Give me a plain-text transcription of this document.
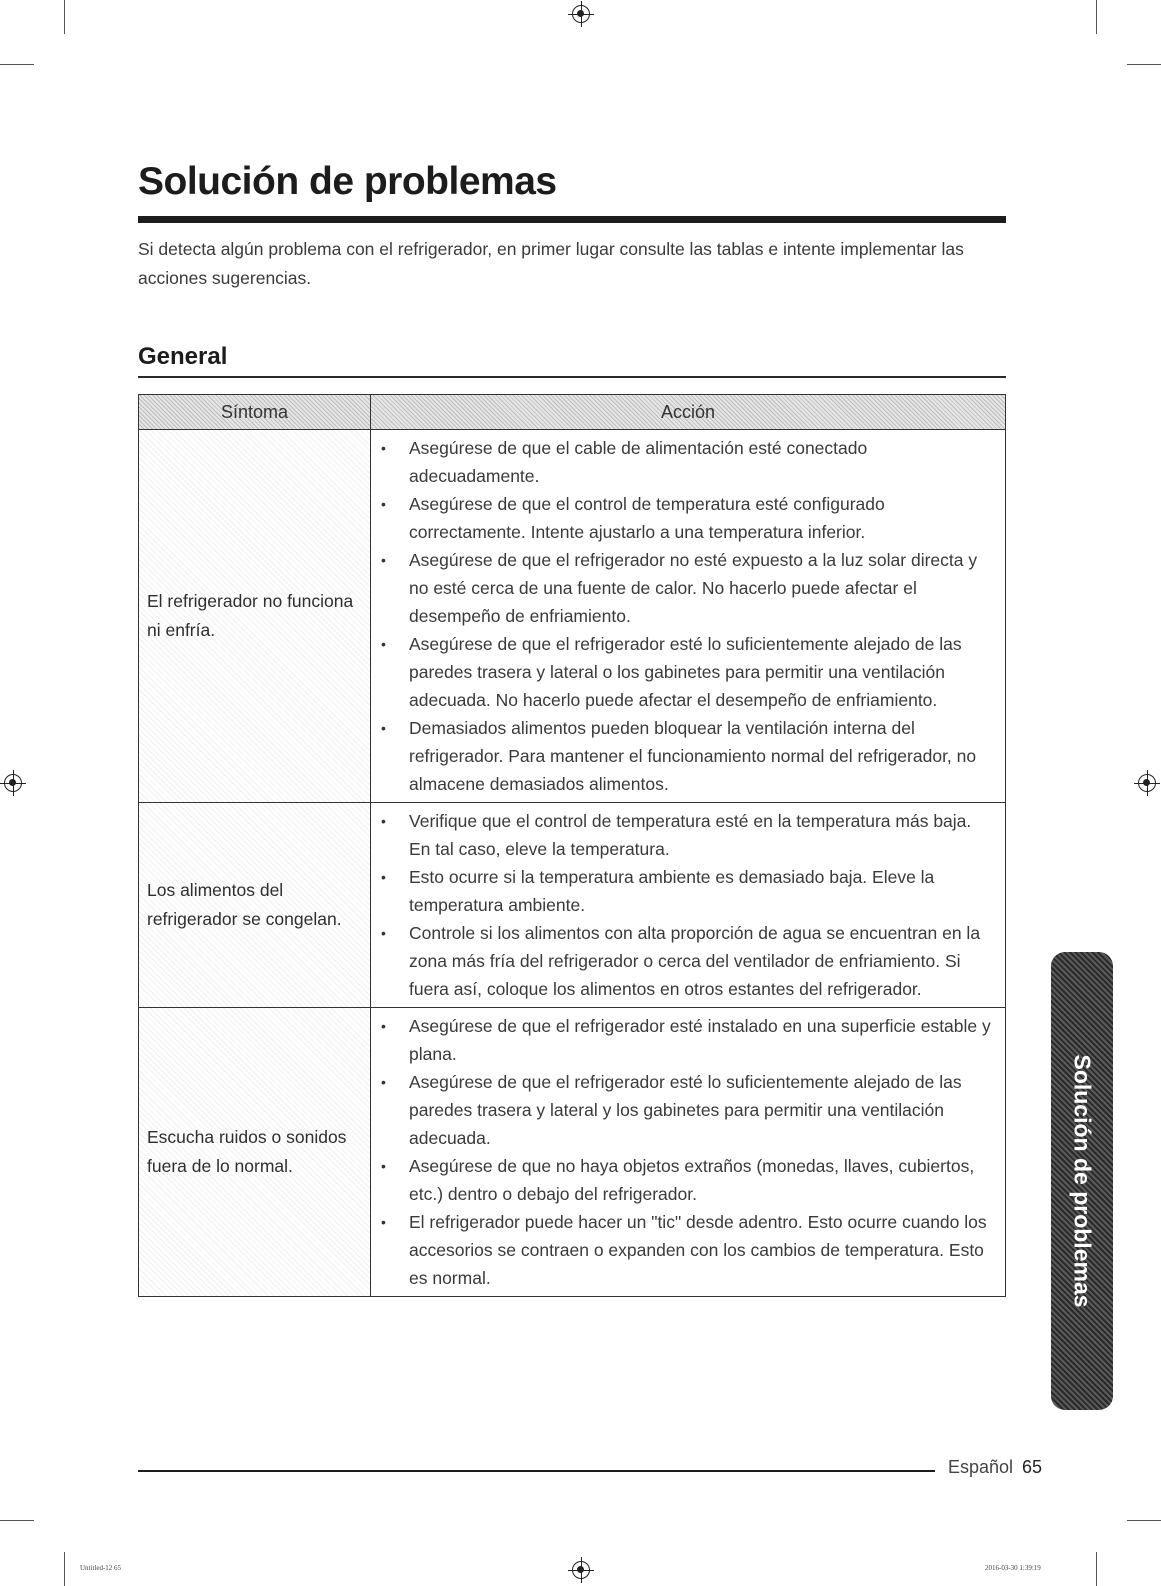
Solución de problemas

Si detecta algún problema con el refrigerador, en primer lugar consulte las tablas e intente implementar las acciones sugerencias.

General
Síntoma	Acción
El refrigerador no funciona ni enfría.
• Asegúrese de que el cable de alimentación esté conectado adecuadamente.
• Asegúrese de que el control de temperatura esté configurado correctamente. Intente ajustarlo a una temperatura inferior.
• Asegúrese de que el refrigerador no esté expuesto a la luz solar directa y no esté cerca de una fuente de calor. No hacerlo puede afectar el desempeño de enfriamiento.
• Asegúrese de que el refrigerador esté lo suficientemente alejado de las paredes trasera y lateral o los gabinetes para permitir una ventilación adecuada. No hacerlo puede afectar el desempeño de enfriamiento.
• Demasiados alimentos pueden bloquear la ventilación interna del refrigerador. Para mantener el funcionamiento normal del refrigerador, no almacene demasiados alimentos.
Los alimentos del refrigerador se congelan.
• Verifique que el control de temperatura esté en la temperatura más baja. En tal caso, eleve la temperatura.
• Esto ocurre si la temperatura ambiente es demasiado baja. Eleve la temperatura ambiente.
• Controle si los alimentos con alta proporción de agua se encuentran en la zona más fría del refrigerador o cerca del ventilador de enfriamiento. Si fuera así, coloque los alimentos en otros estantes del refrigerador.
Escucha ruidos o sonidos fuera de lo normal.
• Asegúrese de que el refrigerador esté instalado en una superficie estable y plana.
• Asegúrese de que el refrigerador esté lo suficientemente alejado de las paredes trasera y lateral y los gabinetes para permitir una ventilación adecuada.
• Asegúrese de que no haya objetos extraños (monedas, llaves, cubiertos, etc.) dentro o debajo del refrigerador.
• El refrigerador puede hacer un "tic" desde adentro. Esto ocurre cuando los accesorios se contraen o expanden con los cambios de temperatura. Esto es normal.	Solución de problemas
Español 65
Untitled-12 65	2016-03-30 1:39:19
